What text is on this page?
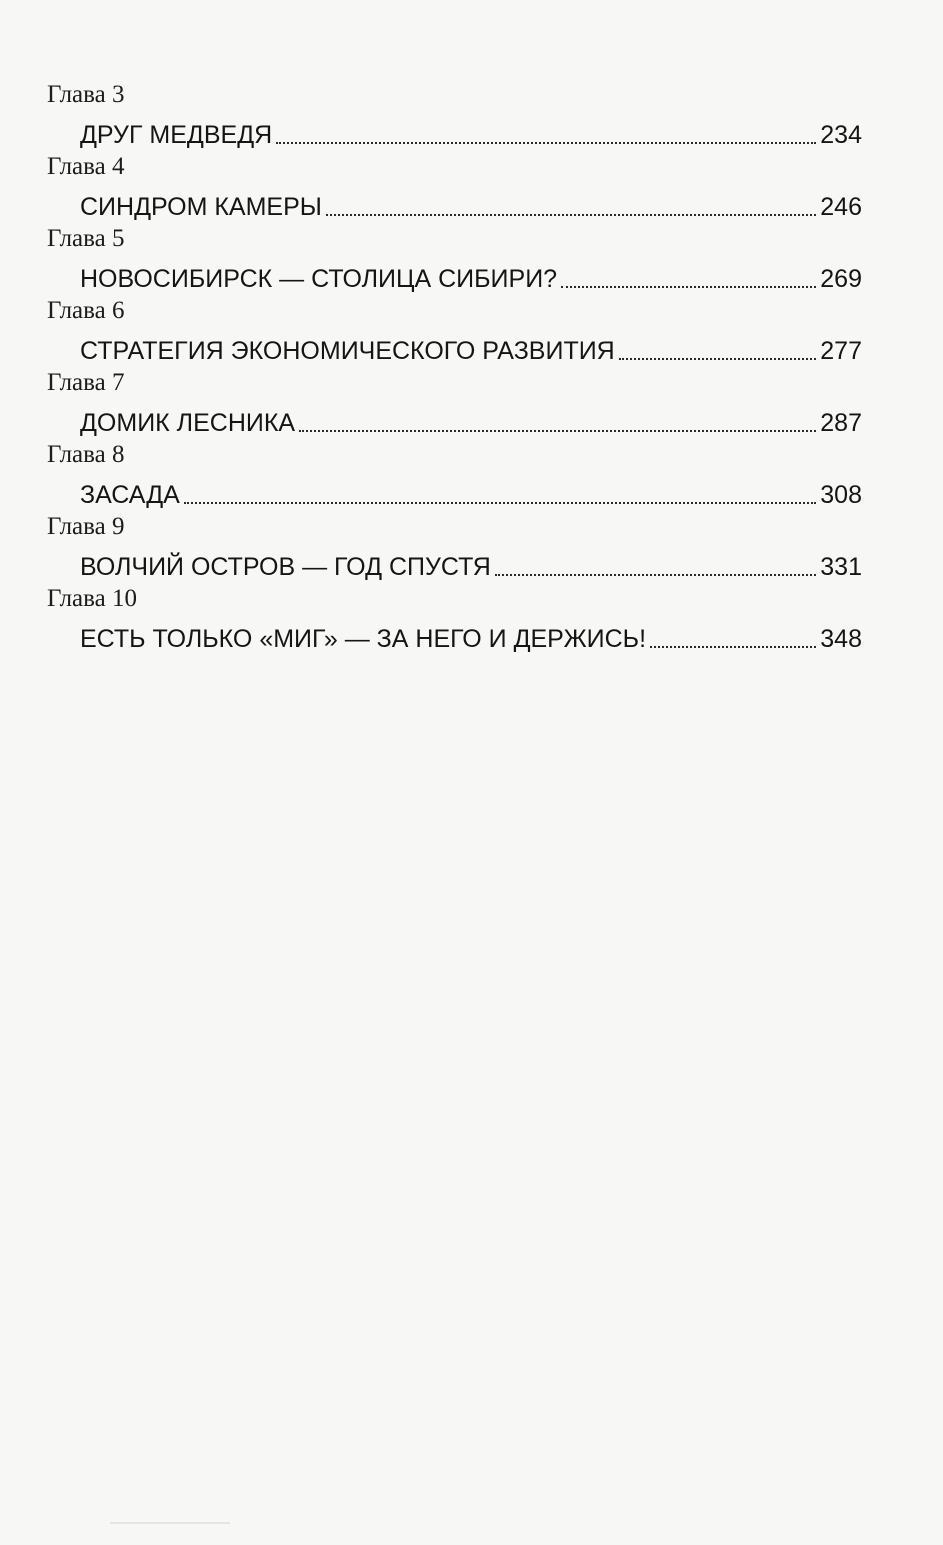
Глава 3
ДРУГ МЕДВЕДЯ	234
Глава 4
СИНДРОМ КАМЕРЫ	246
Глава 5
НОВОСИБИРСК — СТОЛИЦА СИБИРИ?	269
Глава 6
СТРАТЕГИЯ ЭКОНОМИЧЕСКОГО РАЗВИТИЯ	277
Глава 7
ДОМИК ЛЕСНИКА	287
Глава 8
ЗАСАДА	308
Глава 9
ВОЛЧИЙ ОСТРОВ — ГОД СПУСТЯ	331
Глава 10
ЕСТЬ ТОЛЬКО «МИГ» — ЗА НЕГО И ДЕРЖИСЬ!	348
